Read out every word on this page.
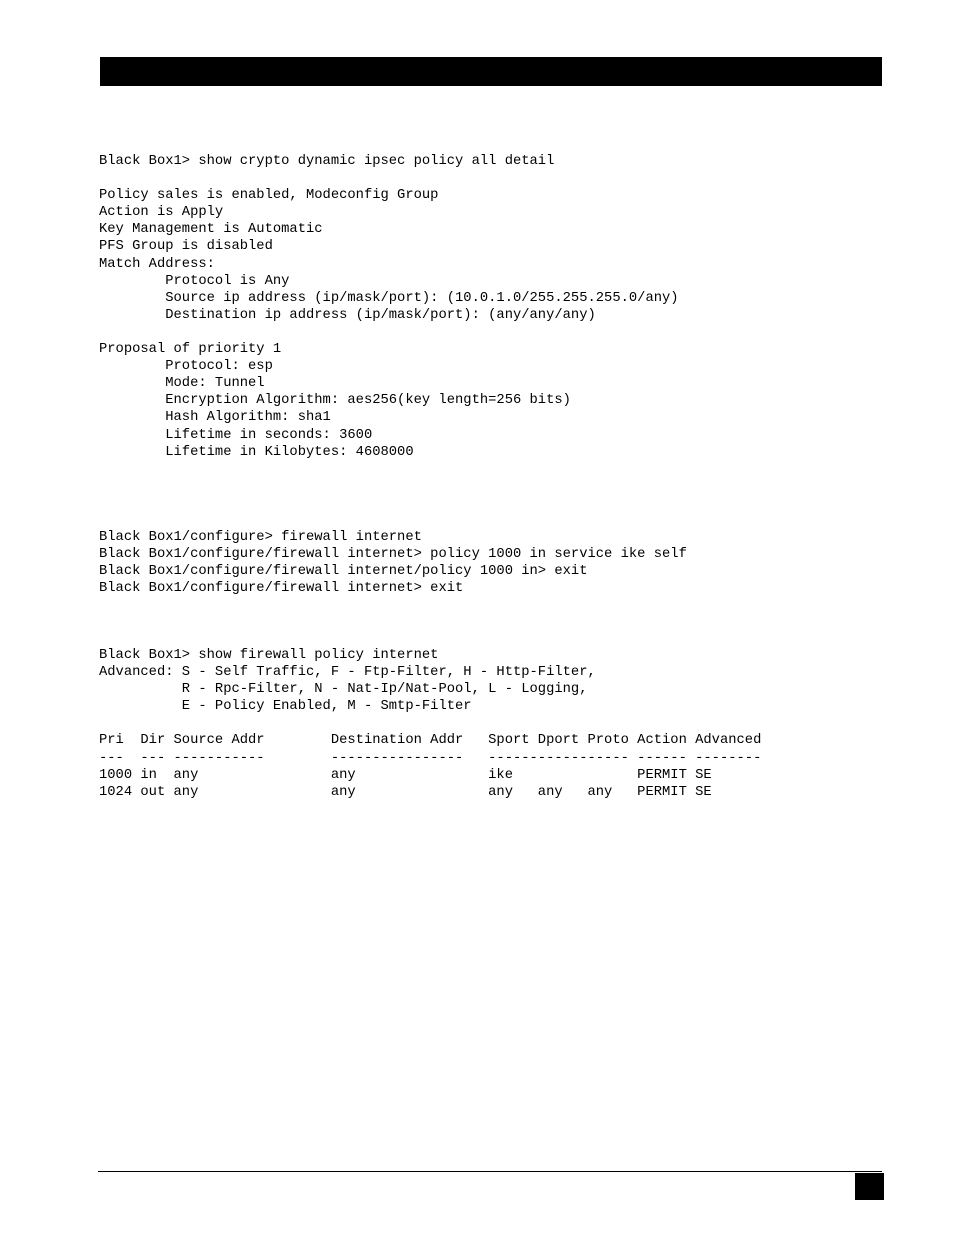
Black Box1> show crypto dynamic ipsec policy all detail
Policy sales is enabled, Modeconfig Group
Action is Apply
Key Management is Automatic
PFS Group is disabled
Match Address:
Protocol is Any
Source ip address (ip/mask/port): (10.0.1.0/255.255.255.0/any)
Destination ip address (ip/mask/port): (any/any/any)
Proposal of priority 1
Protocol: esp
Mode: Tunnel
Encryption Algorithm: aes256(key length=256 bits)
Hash Algorithm: sha1
Lifetime in seconds: 3600
Lifetime in Kilobytes: 4608000
Black Box1/configure> firewall internet
Black Box1/configure/firewall internet> policy 1000 in service ike self
Black Box1/configure/firewall internet/policy 1000 in> exit
Black Box1/configure/firewall internet> exit
Black Box1> show firewall policy internet
Advanced: S - Self Traffic, F - Ftp-Filter, H - Http-Filter,
R - Rpc-Filter, N - Nat-Ip/Nat-Pool, L - Logging,
E - Policy Enabled, M - Smtp-Filter
Pri  Dir Source Addr        Destination Addr   Sport Dport Proto Action Advanced
---  --- -----------        ----------------   ----------------- ------ --------
1000 in  any                any                ike               PERMIT SE
1024 out any                any                any   any   any   PERMIT SE
